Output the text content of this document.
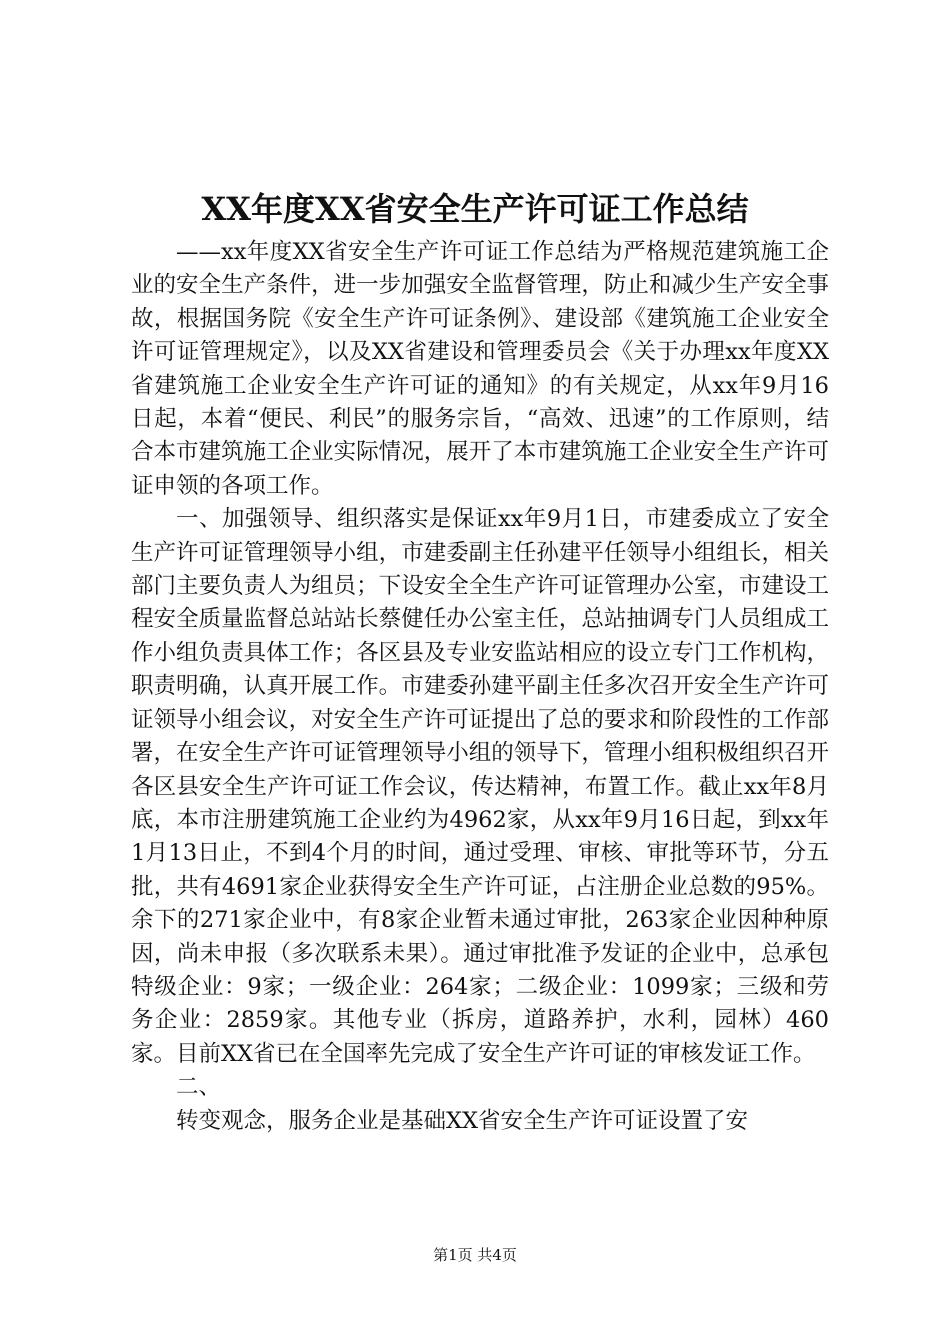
XX年度XX省安全生产许可证工作总结

——xx年度XX省安全生产许可证工作总结为严格规范建筑施工企业的安全生产条件，进一步加强安全监督管理，防止和减少生产安全事故，根据国务院《安全生产许可证条例》、建设部《建筑施工企业安全许可证管理规定》，以及XX省建设和管理委员会《关于办理xx年度XX省建筑施工企业安全生产许可证的通知》的有关规定，从xx年9月16日起，本着“便民、利民”的服务宗旨，“高效、迅速”的工作原则，结合本市建筑施工企业实际情况，展开了本市建筑施工企业安全生产许可证申领的各项工作。

一、加强领导、组织落实是保证xx年9月1日，市建委成立了安全生产许可证管理领导小组，市建委副主任孙建平任领导小组组长，相关部门主要负责人为组员；下设安全全生产许可证管理办公室，市建设工程安全质量监督总站站长蔡健任办公室主任，总站抽调专门人员组成工作小组负责具体工作；各区县及专业安监站相应的设立专门工作机构，职责明确，认真开展工作。市建委孙建平副主任多次召开安全生产许可证领导小组会议，对安全生产许可证提出了总的要求和阶段性的工作部署，在安全生产许可证管理领导小组的领导下，管理小组积极组织召开各区县安全生产许可证工作会议，传达精神，布置工作。截止xx年8月底，本市注册建筑施工企业约为4962家，从xx年9月16日起，到xx年1月13日止，不到4个月的时间，通过受理、审核、审批等环节，分五批，共有4691家企业获得安全生产许可证，占注册企业总数的95%。余下的271家企业中，有8家企业暂未通过审批，263家企业因种种原因，尚未申报（多次联系未果）。通过审批准予发证的企业中，总承包特级企业：9家；一级企业：264家；二级企业：1099家；三级和劳务企业：2859家。其他专业（拆房，道路养护，水利，园林）460家。目前XX省已在全国率先完成了安全生产许可证的审核发证工作。

二、

转变观念，服务企业是基础XX省安全生产许可证设置了安

第1页 共4页
